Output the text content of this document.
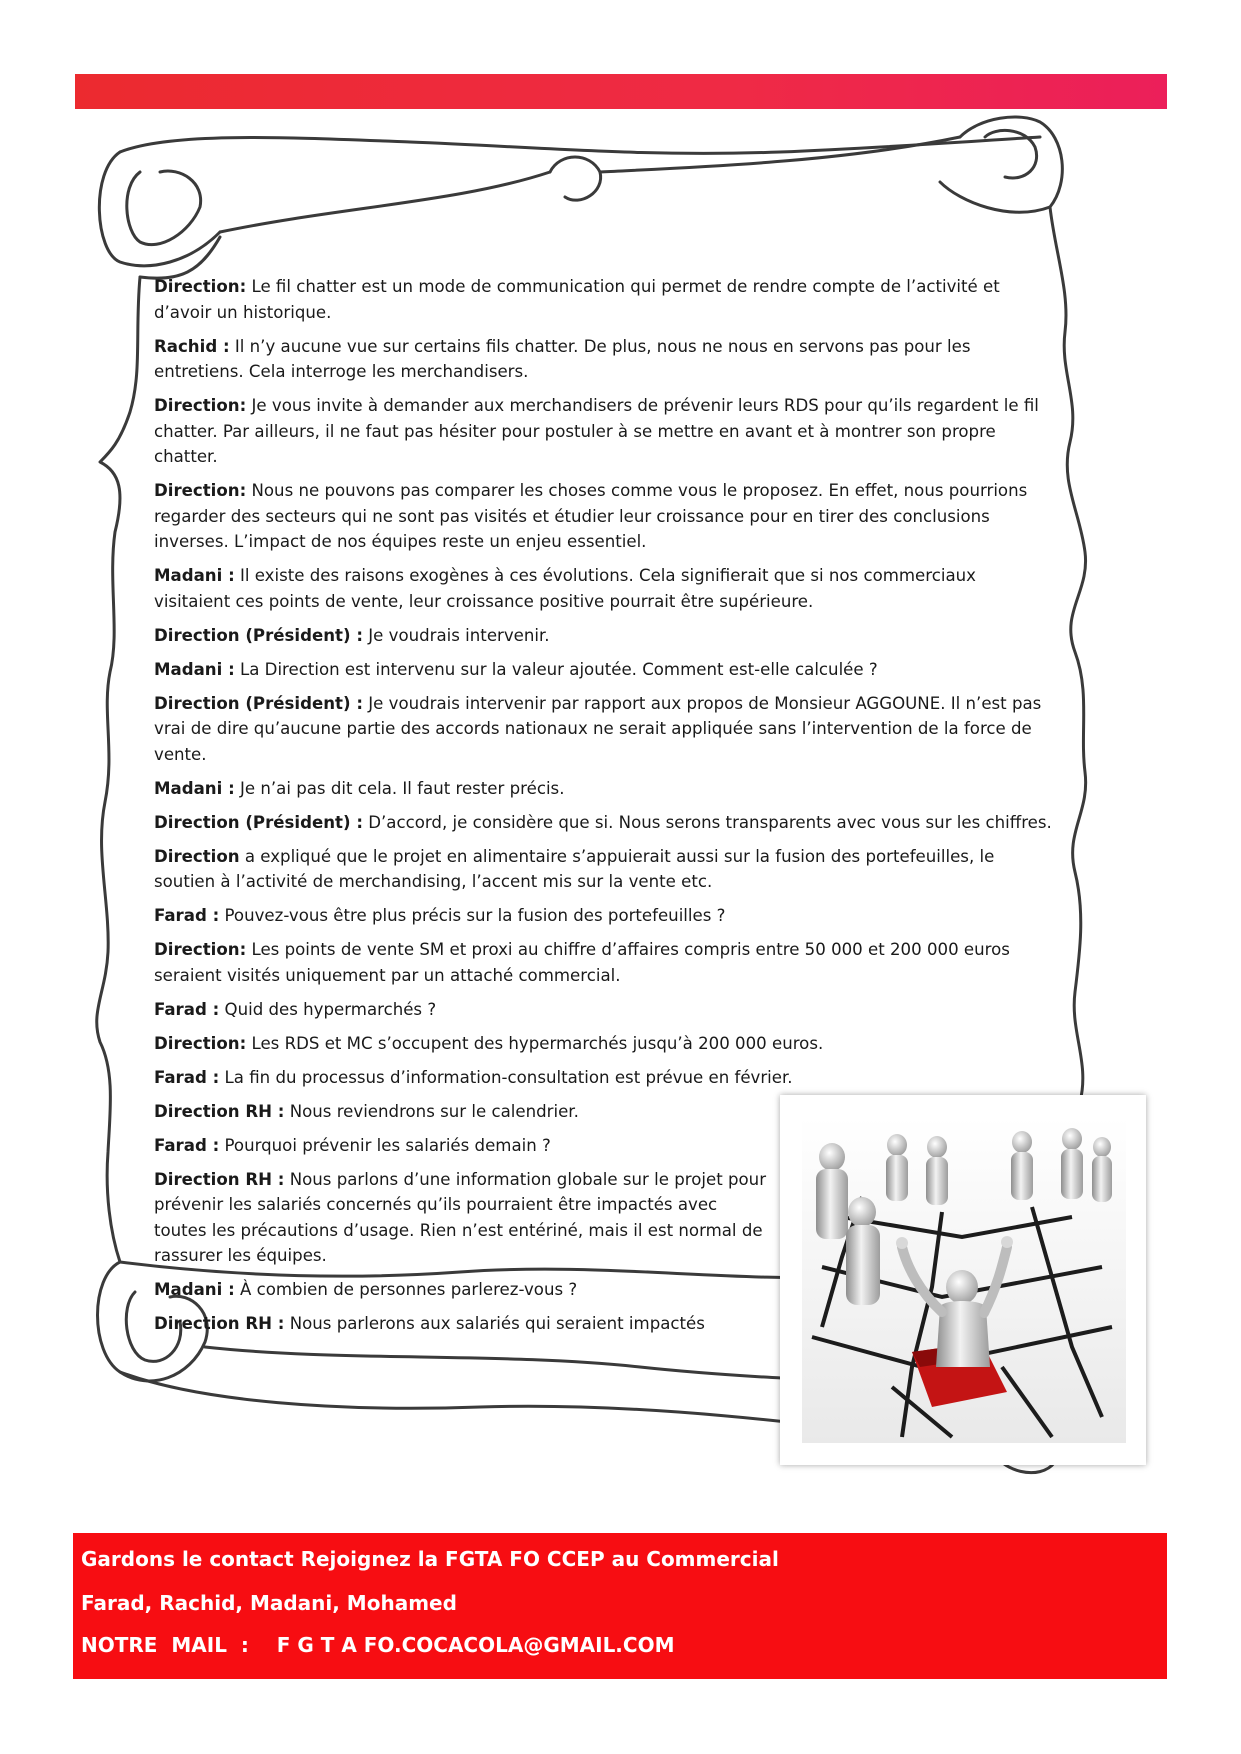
Direction: Le fil chatter est un mode de communication qui permet de rendre compte de l’activité et d’avoir un historique.

Rachid : Il n’y aucune vue sur certains fils chatter. De plus, nous ne nous en servons pas pour les entretiens. Cela interroge les merchandisers.

Direction: Je vous invite à demander aux merchandisers de prévenir leurs RDS pour qu’ils regardent le fil chatter. Par ailleurs, il ne faut pas hésiter pour postuler à se mettre en avant et à montrer son propre chatter.

Direction: Nous ne pouvons pas comparer les choses comme vous le proposez. En effet, nous pourrions regarder des secteurs qui ne sont pas visités et étudier leur croissance pour en tirer des conclusions inverses. L’impact de nos équipes reste un enjeu essentiel.

Madani : Il existe des raisons exogènes à ces évolutions. Cela signifierait que si nos commerciaux visitaient ces points de vente, leur croissance positive pourrait être supérieure.

Direction (Président) : Je voudrais intervenir.

Madani : La Direction est intervenu sur la valeur ajoutée. Comment est-elle calculée ?

Direction (Président) : Je voudrais intervenir par rapport aux propos de Monsieur AGGOUNE. Il n’est pas vrai de dire qu’aucune partie des accords nationaux ne serait appliquée sans l’intervention de la force de vente.

Madani : Je n’ai pas dit cela. Il faut rester précis.

Direction (Président) : D’accord, je considère que si. Nous serons transparents avec vous sur les chiffres.

Direction a expliqué que le projet en alimentaire s’appuierait aussi sur la fusion des portefeuilles, le soutien à l’activité de merchandising, l’accent mis sur la vente etc.

Farad : Pouvez-vous être plus précis sur la fusion des portefeuilles ?

Direction: Les points de vente SM et proxi au chiffre d’affaires compris entre 50 000 et 200 000 euros seraient visités uniquement par un attaché commercial.

Farad : Quid des hypermarchés ?

Direction: Les RDS et MC s’occupent des hypermarchés jusqu’à 200 000 euros.

Farad : La fin du processus d’information-consultation est prévue en février.

Direction RH : Nous reviendrons sur le calendrier.

Farad : Pourquoi prévenir les salariés demain ?

Direction RH : Nous parlons d’une information globale sur le projet pour prévenir les salariés concernés qu’ils pourraient être impactés avec toutes les précautions d’usage. Rien n’est entériné, mais il est normal de rassurer les équipes.

Madani : À combien de personnes parlerez-vous ?

Direction RH : Nous parlerons aux salariés qui seraient impactés

Gardons le contact Rejoignez la FGTA FO CCEP au Commercial
Farad, Rachid, Madani, Mohamed
NOTRE  MAIL  :    F G T A FO.COCACOLA@GMAIL.COM
